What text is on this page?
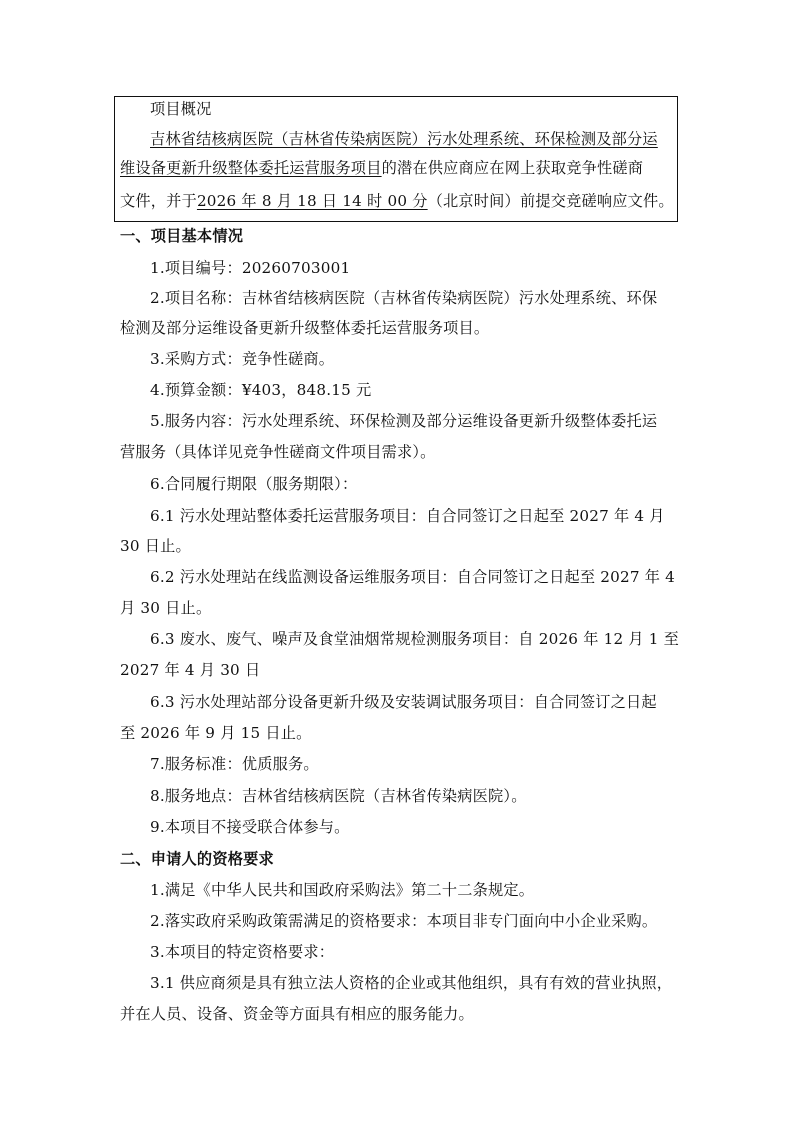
项目概况
吉林省结核病医院（吉林省传染病医院）污水处理系统、环保检测及部分运
维设备更新升级整体委托运营服务项目的潜在供应商应在网上获取竞争性磋商
文件，并于2026 年 8 月 18 日 14 时 00 分（北京时间）前提交竞磋响应文件。
一、项目基本情况
1.项目编号：20260703001
2.项目名称：吉林省结核病医院（吉林省传染病医院）污水处理系统、环保
检测及部分运维设备更新升级整体委托运营服务项目。
3.采购方式：竞争性磋商。
4.预算金额：¥403，848.15 元
5.服务内容：污水处理系统、环保检测及部分运维设备更新升级整体委托运
营服务（具体详见竞争性磋商文件项目需求）。
6.合同履行期限（服务期限）：
6.1 污水处理站整体委托运营服务项目：自合同签订之日起至 2027 年 4 月
30 日止。
6.2 污水处理站在线监测设备运维服务项目：自合同签订之日起至 2027 年 4
月 30 日止。
6.3 废水、废气、噪声及食堂油烟常规检测服务项目：自 2026 年 12 月 1 至
2027 年 4 月 30 日
6.3 污水处理站部分设备更新升级及安装调试服务项目：自合同签订之日起
至 2026 年 9 月 15 日止。
7.服务标准：优质服务。
8.服务地点：吉林省结核病医院（吉林省传染病医院）。
9.本项目不接受联合体参与。
二、申请人的资格要求
1.满足《中华人民共和国政府采购法》第二十二条规定。
2.落实政府采购政策需满足的资格要求：本项目非专门面向中小企业采购。
3.本项目的特定资格要求：
3.1 供应商须是具有独立法人资格的企业或其他组织，具有有效的营业执照，
并在人员、设备、资金等方面具有相应的服务能力。
